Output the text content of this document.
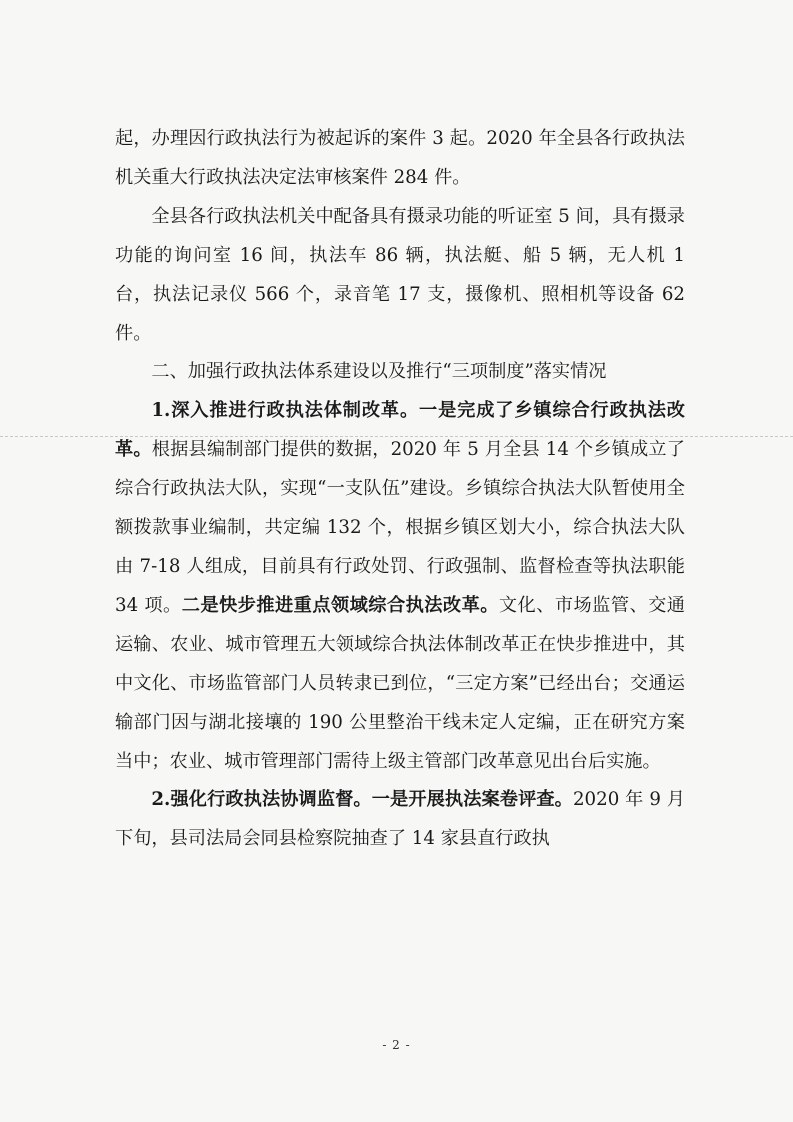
起，办理因行政执法行为被起诉的案件 3 起。2020 年全县各行政执法机关重大行政执法决定法审核案件 284 件。

全县各行政执法机关中配备具有摄录功能的听证室 5 间，具有摄录功能的询问室 16 间，执法车 86 辆，执法艇、船 5 辆，无人机 1 台，执法记录仪 566 个，录音笔 17 支，摄像机、照相机等设备 62 件。

二、加强行政执法体系建设以及推行“三项制度”落实情况

1.深入推进行政执法体制改革。一是完成了乡镇综合行政执法改革。根据县编制部门提供的数据，2020 年 5 月全县 14 个乡镇成立了综合行政执法大队，实现“一支队伍”建设。乡镇综合执法大队暂使用全额拨款事业编制，共定编 132 个，根据乡镇区划大小，综合执法大队由 7-18 人组成，目前具有行政处罚、行政强制、监督检查等执法职能 34 项。二是快步推进重点领域综合执法改革。文化、市场监管、交通运输、农业、城市管理五大领域综合执法体制改革正在快步推进中，其中文化、市场监管部门人员转隶已到位，“三定方案”已经出台；交通运输部门因与湖北接壤的 190 公里整治干线未定人定编，正在研究方案当中；农业、城市管理部门需待上级主管部门改革意见出台后实施。

2.强化行政执法协调监督。一是开展执法案卷评查。2020 年 9 月下旬，县司法局会同县检察院抽查了 14 家县直行政执

- 2 -
